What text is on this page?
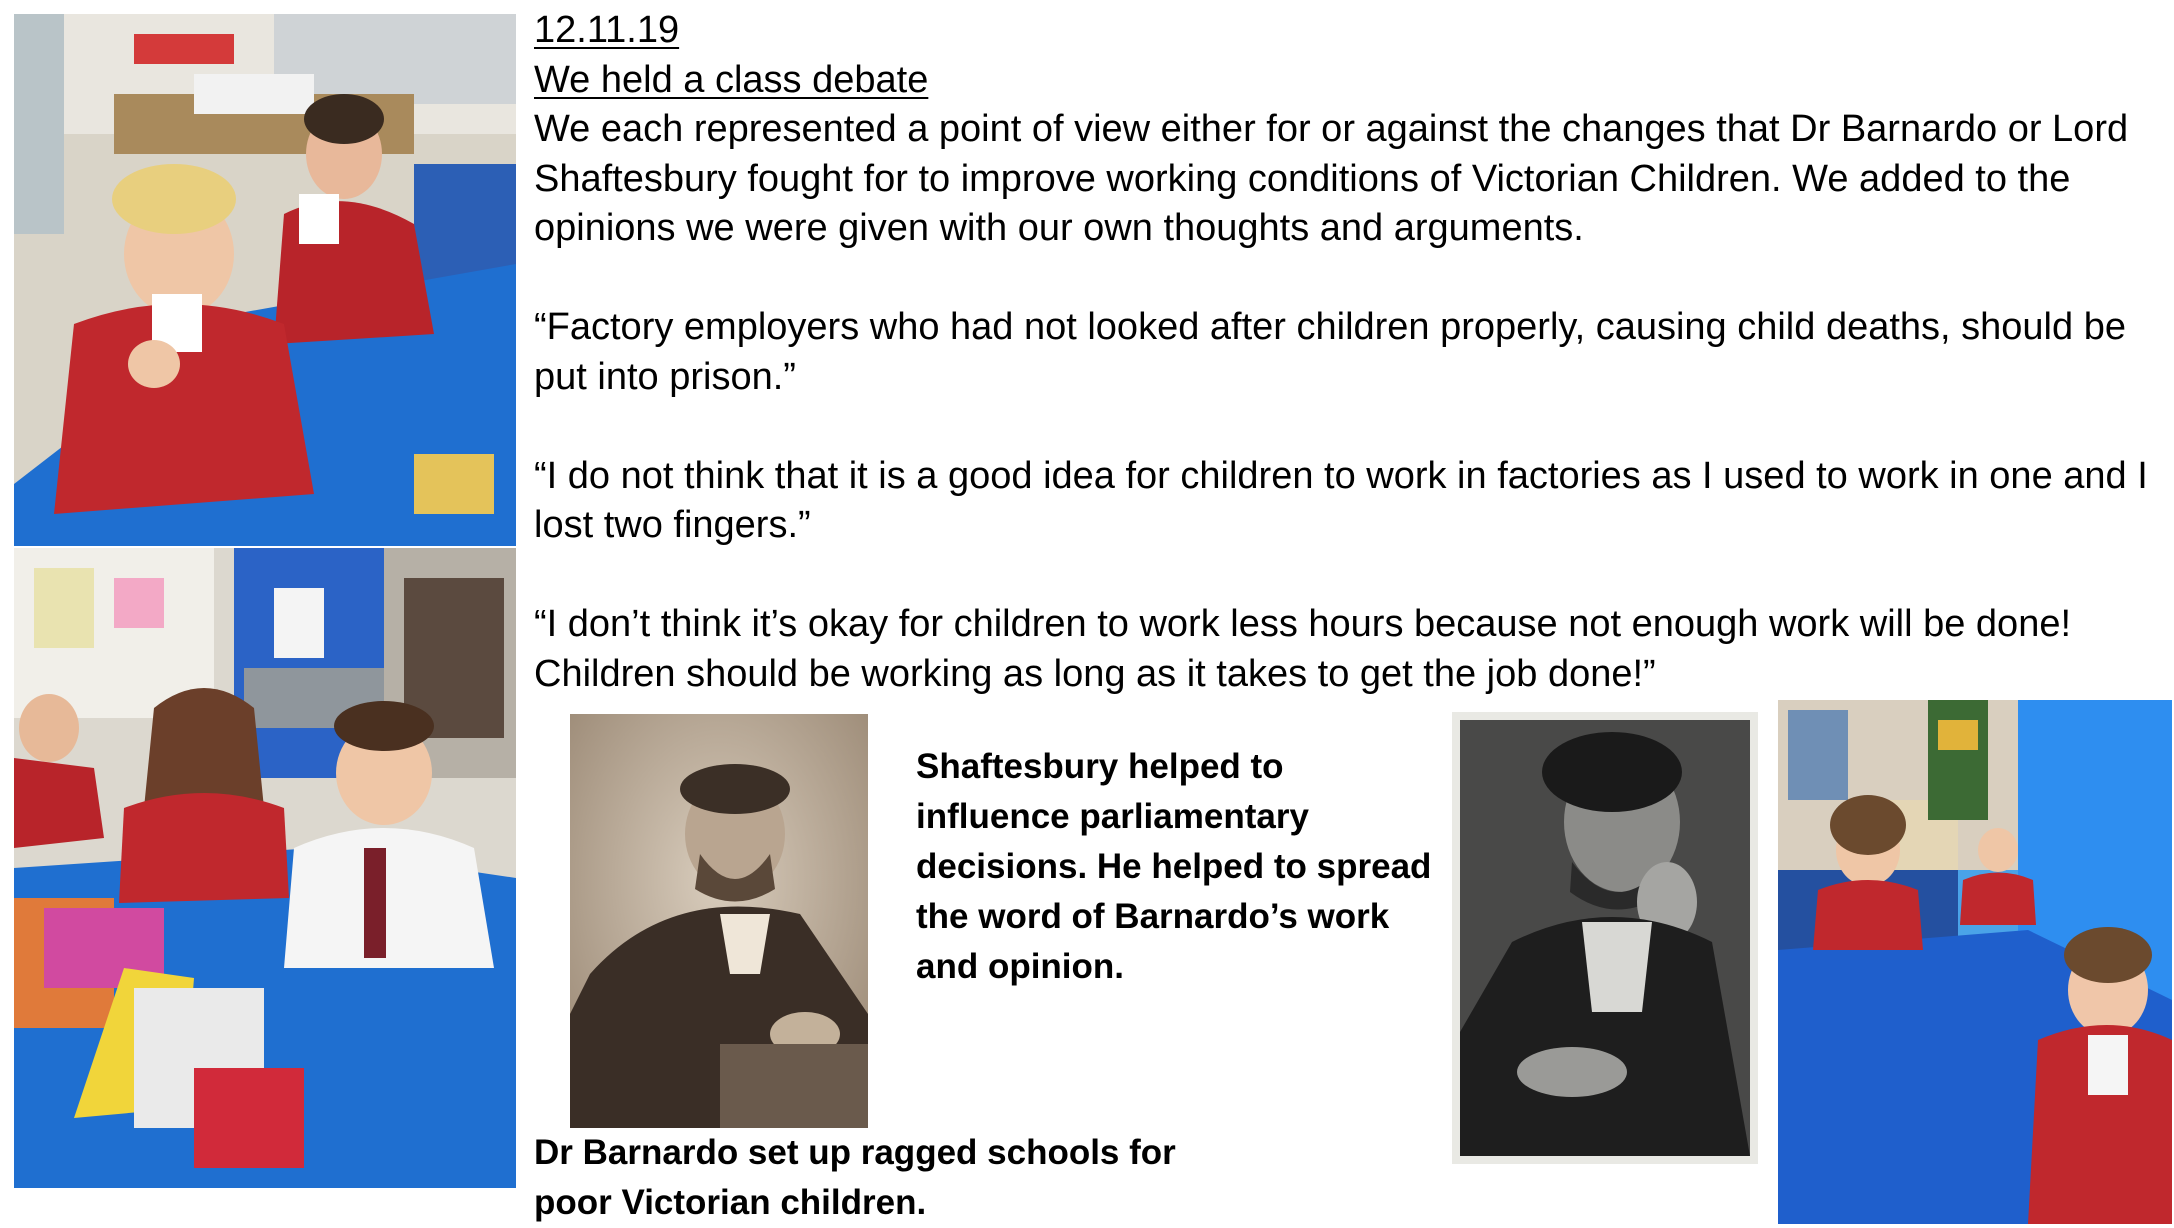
12.11.19
We held a class debate

We each represented a point of view either for or against the changes that Dr Barnardo or Lord Shaftesbury fought for to improve working conditions of Victorian Children. We added to the opinions we were given with our own thoughts and arguments.

“Factory employers who had not looked after children properly, causing child deaths, should be put into prison.”

“I do not think that it is a good idea for children to work in factories as I used to work in one and I lost two fingers.”

“I don’t think it’s okay for children to work less hours because not enough work will be done! Children should be working as long as it takes to get the job done!”

Shaftesbury helped to influence parliamentary decisions. He helped to spread the word of Barnardo’s work and opinion.
Dr Barnardo set up ragged schools for poor Victorian children.
